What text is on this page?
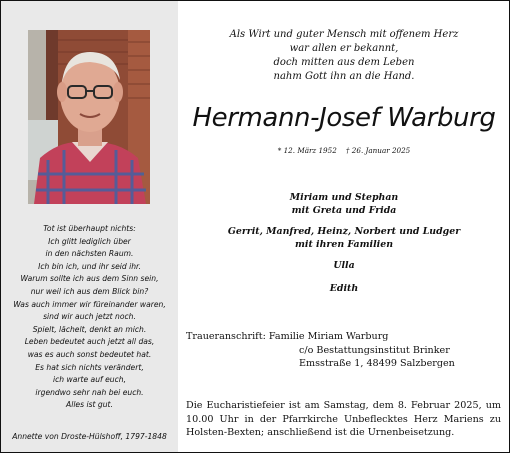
Tot ist überhaupt nichts:
Ich glitt lediglich über
in den nächsten Raum.
Ich bin ich, und ihr seid ihr.
Warum sollte ich aus dem Sinn sein,
nur weil ich aus dem Blick bin?
Was auch immer wir füreinander waren,
sind wir auch jetzt noch.
Spielt, lächelt, denkt an mich.
Leben bedeutet auch jetzt all das,
was es auch sonst bedeutet hat.
Es hat sich nichts verändert,
ich warte auf euch,
irgendwo sehr nah bei euch.
Alles ist gut.
Annette von Droste-Hülshoff, 1797-1848
Als Wirt und guter Mensch mit offenem Herz
war allen er bekannt,
doch mitten aus dem Leben
nahm Gott ihn an die Hand.
Hermann-Josef Warburg
* 12. März 1952 † 26. Januar 2025
Miriam und Stephan
mit Greta und Frida
Gerrit, Manfred, Heinz, Norbert und Ludger
mit ihren Familien
Ulla
Edith
Traueranschrift: Familie Miriam Warburg
c/o Bestattungsinstitut Brinker
Emsstraße 1, 48499 Salzbergen
Die Eucharistiefeier ist am Samstag, dem 8. Februar 2025, um 10.00 Uhr in der Pfarrkirche Unbeflecktes Herz Mariens zu Holsten-Bexten; anschließend ist die Urnenbeisetzung.
